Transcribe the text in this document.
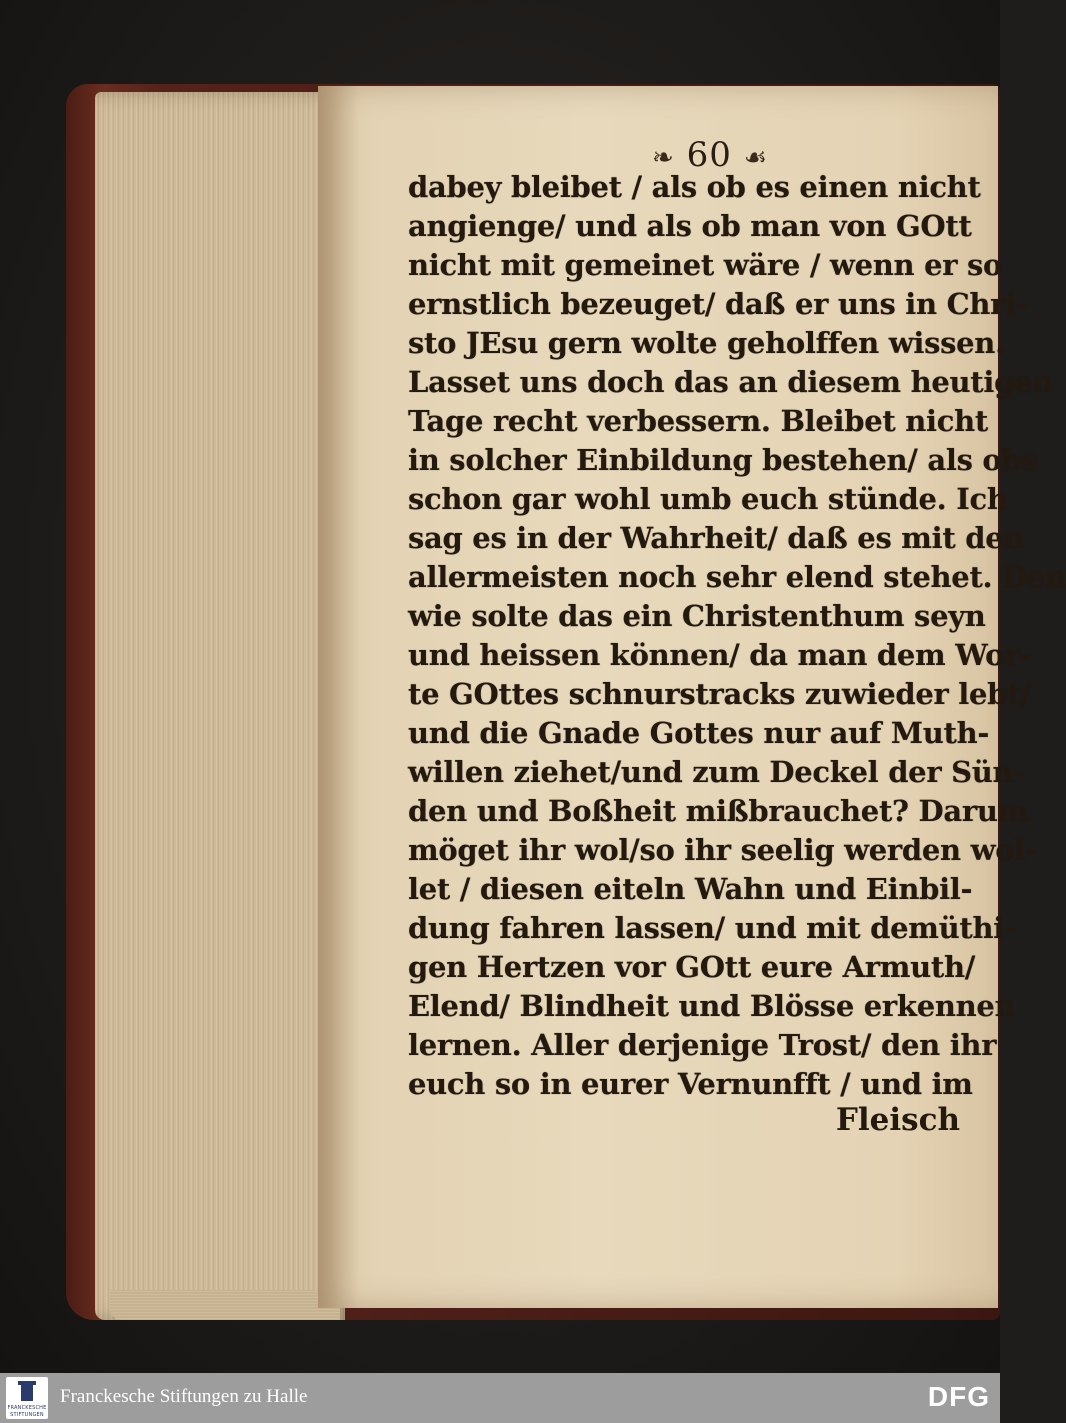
❧ 60 ☙
dabey bleibet / als ob es einen nicht
angienge/ und als ob man von GOtt
nicht mit gemeinet wäre / wenn er so
ernstlich bezeuget/ daß er uns in Chri-
sto JEsu gern wolte geholffen wissen.
Lasset uns doch das an diesem heutigen
Tage recht verbessern. Bleibet nicht
in solcher Einbildung bestehen/ als obs
schon gar wohl umb euch stünde. Ich
sag es in der Wahrheit/ daß es mit den
allermeisten noch sehr elend stehet. Den
wie solte das ein Christenthum seyn
und heissen können/ da man dem Wor-
te GOttes schnurstracks zuwieder lebt/
und die Gnade Gottes nur auf Muth-
willen ziehet/und zum Deckel der Sün-
den und Boßheit mißbrauchet? Darum
möget ihr wol/so ihr seelig werden wol-
let / diesen eiteln Wahn und Einbil-
dung fahren lassen/ und mit demüthi-
gen Hertzen vor GOtt eure Armuth/
Elend/ Blindheit und Blösse erkennen
lernen. Aller derjenige Trost/ den ihr
euch so in eurer Vernunfft / und im
Fleisch
FRANCKESCHE
STIFTUNGEN
Franckesche Stiftungen zu Halle	DFG
